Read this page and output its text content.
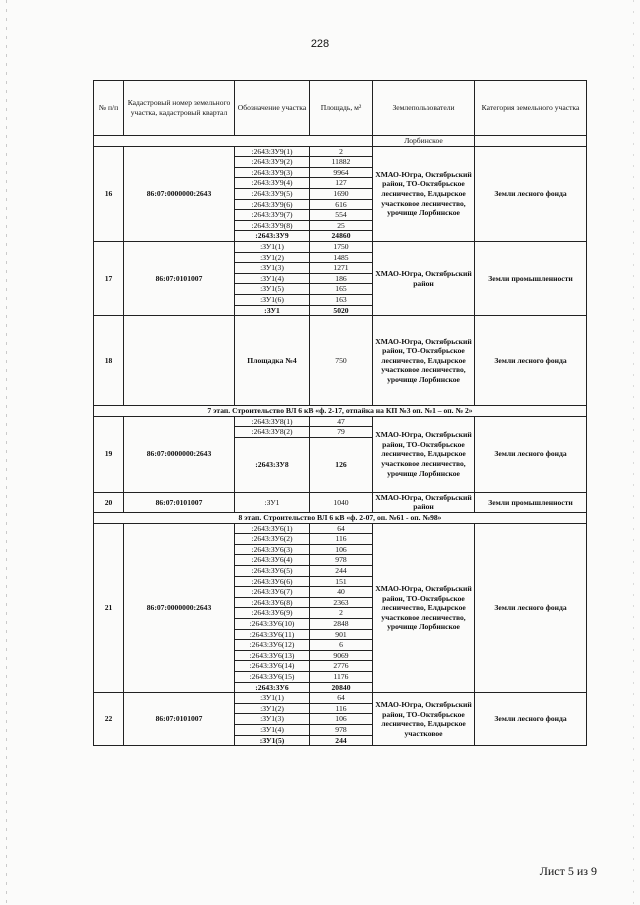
228
№ п/п	Кадастровый номер земельного участка, кадастровый квартал	Обозначение участка	Площадь, м²	Землепользователи	Категория земельного участка
				Лорбинское	
16	86:07:0000000:2643	:2643:ЗУ9(1)	2	ХМАО-Югра, Октябрьский район, ТО-Октябрьское лесничество, Елдырское участковое лесничество, урочище Лорбинское	Земли лесного фонда
		:2643:ЗУ9(2)	11882		
		:2643:ЗУ9(3)	9964		
		:2643:ЗУ9(4)	127		
		:2643:ЗУ9(5)	1690		
		:2643:ЗУ9(6)	616		
		:2643:ЗУ9(7)	554		
		:2643:ЗУ9(8)	25		
		:2643:ЗУ9	24860		
17	86:07:0101007	:ЗУ1(1)	1750	ХМАО-Югра, Октябрьский район	Земли промышленности
		:ЗУ1(2)	1485		
		:ЗУ1(3)	1271		
		:ЗУ1(4)	186		
		:ЗУ1(5)	165		
		:ЗУ1(6)	163		
		:ЗУ1	5020		
18		Площадка №4	750	ХМАО-Югра, Октябрьский район, ТО-Октябрьское лесничество, Елдырское участковое лесничество, урочище Лорбинское	Земли лесного фонда
7 этап. Строительство ВЛ 6 кВ «ф. 2-17, отпайка на КП №3 оп. №1 – оп. № 2»					
19	86:07:0000000:2643	:2643:ЗУ8(1)	47	ХМАО-Югра, Октябрьский район, ТО-Октябрьское лесничество, Елдырское участковое лесничество, урочище Лорбинское	Земли лесного фонда
		:2643:ЗУ8(2)	79		
		:2643:ЗУ8	126		
20	86:07:0101007	:ЗУ1	1040	ХМАО-Югра, Октябрьский район	Земли промышленности
8 этап. Строительство ВЛ 6 кВ «ф. 2-07, оп. №61 - оп. №98»					
21	86:07:0000000:2643	:2643:ЗУ6(1)	64	ХМАО-Югра, Октябрьский район, ТО-Октябрьское лесничество, Елдырское участковое лесничество, урочище Лорбинское	Земли лесного фонда
		:2643:ЗУ6(2)	116		
		:2643:ЗУ6(3)	106		
		:2643:ЗУ6(4)	978		
		:2643:ЗУ6(5)	244		
		:2643:ЗУ6(6)	151		
		:2643:ЗУ6(7)	40		
		:2643:ЗУ6(8)	2363		
		:2643:ЗУ6(9)	2		
		:2643:ЗУ6(10)	2848		
		:2643:ЗУ6(11)	901		
		:2643:ЗУ6(12)	6		
		:2643:ЗУ6(13)	9069		
		:2643:ЗУ6(14)	2776		
		:2643:ЗУ6(15)	1176		
		:2643:ЗУ6	20840		
22	86:07:0101007	:ЗУ1(1)	64	ХМАО-Югра, Октябрьский район, ТО-Октябрьское лесничество, Елдырское участковое	Земли лесного фонда
		:ЗУ1(2)	116		
		:ЗУ1(3)	106		
		:ЗУ1(4)	978		
		:ЗУ1(5)	244		
Лист 5 из 9
